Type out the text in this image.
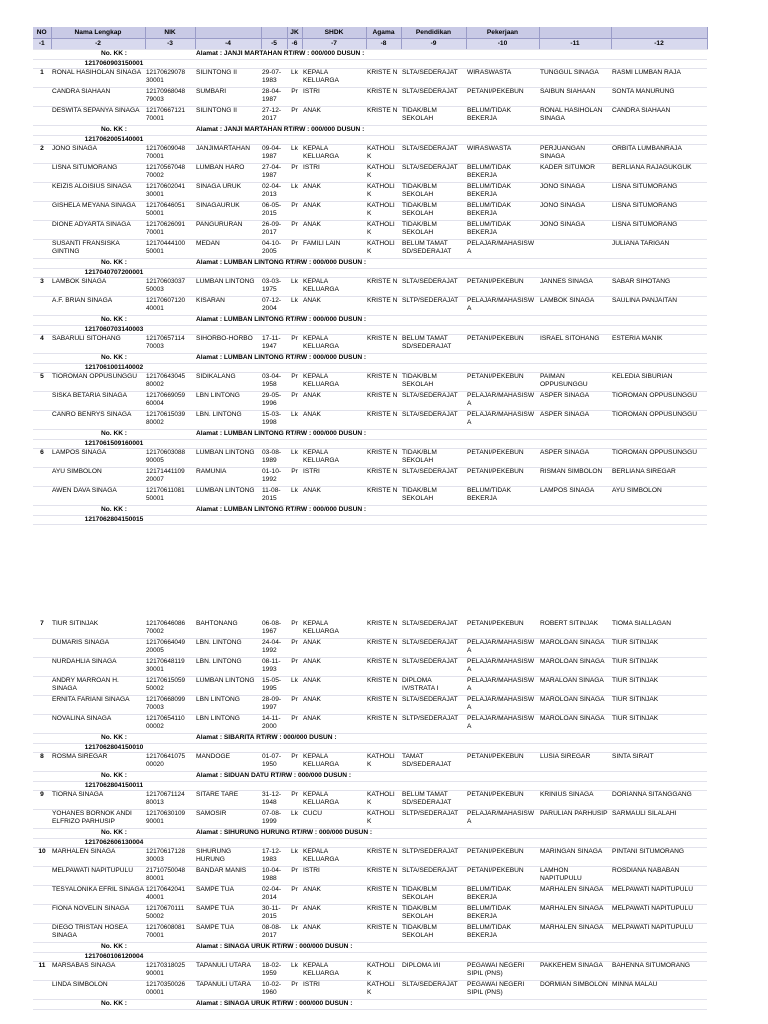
NO	Nama Lengkap	NIK			JK	SHDK	Agama	Pendidikan	Pekerjaan		
-1	-2	-3	-4	-5	-6	-7	-8	-9	-10	-11	-12
No. KK :			Alamat : JANJI MARTAHAN RT/RW : 000/000 DUSUN :								
1217060903150001											
1	RONAL HASIHOLAN SINAGA	12170629078 30001	SILINTONG II	29-07-1983	Lk	KEPALA KELUARGA	KRISTE N	SLTA/SEDERAJAT	WIRASWASTA	TUNGGUL SINAGA	RASMI LUMBAN RAJA
	CANDRA SIAHAAN	12170968048 79003	SUMBARI	28-04-1987	Pr	ISTRI	KRISTE N	SLTA/SEDERAJAT	PETANI/PEKEBUN	SAIBUN SIAHAAN	SONTA MANURUNG
	DESWITA SEPANYA SINAGA	12170667121 70001	SILINTONG II	27-12-2017	Pr	ANAK	KRISTE N	TIDAK/BLM SEKOLAH	BELUM/TIDAK BEKERJA	RONAL HASIHOLAN SINAGA	CANDRA SIAHAAN
No. KK :			Alamat : JANJI MARTAHAN RT/RW : 000/000 DUSUN :								
1217062005140001											
2	JONO SINAGA	12170609048 70001	JANJIMARTAHAN	09-04-1987	Lk	KEPALA KELUARGA	KATHOLI K	SLTA/SEDERAJAT	WIRASWASTA	PERJUANGAN SINAGA	ORBITA LUMBANRAJA
	LISNA SITUMORANG	12170567048 70002	LUMBAN HARO	27-04-1987	Pr	ISTRI	KATHOLI K	SLTA/SEDERAJAT	BELUM/TIDAK BEKERJA	KADER SITUMOR	BERLIANA RAJAGUKGUK
	KEIZIS ALOISIUS SINAGA	12170602041 30001	SINAGA URUK	02-04-2013	Lk	ANAK	KATHOLI K	TIDAK/BLM SEKOLAH	BELUM/TIDAK BEKERJA	JONO SINAGA	LISNA SITUMORANG
	GISHELA MEYANA SINAGA	12170646051 50001	SINAGAURUK	06-05-2015	Pr	ANAK	KATHOLI K	TIDAK/BLM SEKOLAH	BELUM/TIDAK BEKERJA	JONO SINAGA	LISNA SITUMORANG
	DIONE ADYARTA SINAGA	12170626091 70001	PANGURURAN	26-09-2017	Pr	ANAK	KATHOLI K	TIDAK/BLM SEKOLAH	BELUM/TIDAK BEKERJA	JONO SINAGA	LISNA SITUMORANG
	SUSANTI FRANSISKA GINTING	12170444100 50001	MEDAN	04-10-2005	Pr	FAMILI LAIN	KATHOLI K	BELUM TAMAT SD/SEDERAJAT	PELAJAR/MAHASISWA		JULIANA TARIGAN
No. KK :			Alamat : LUMBAN LINTONG RT/RW : 000/000 DUSUN :								
1217040707200001											
3	LAMBOK SINAGA	12170603037 50003	LUMBAN LINTONG	03-03-1975	Lk	KEPALA KELUARGA	KRISTE N	SLTA/SEDERAJAT	PETANI/PEKEBUN	JANNES SINAGA	SABAR SIHOTANG
	A.F. BRIAN SINAGA	12170607120 40001	KISARAN	07-12-2004	Lk	ANAK	KRISTE N	SLTP/SEDERAJAT	PELAJAR/MAHASISWA	LAMBOK SINAGA	SAULINA PANJAITAN
No. KK :			Alamat : LUMBAN LINTONG RT/RW : 000/000 DUSUN :								
1217060703140003											
4	SABARULI SITOHANG	12170657114 70003	SIHORBO-HORBO	17-11-1947	Pr	KEPALA KELUARGA	KRISTE N	BELUM TAMAT SD/SEDERAJAT	PETANI/PEKEBUN	ISRAEL SITOHANG	ESTERIA MANIK
No. KK :			Alamat : LUMBAN LINTONG RT/RW : 000/000 DUSUN :								
1217061001140002											
5	TIOROMAN OPPUSUNGGU	12170643045 80002	SIDIKALANG	03-04-1958	Pr	KEPALA KELUARGA	KRISTE N	TIDAK/BLM SEKOLAH	PETANI/PEKEBUN	PAIMAN OPPUSUNGGU	KELEDIA SIBURIAN
	SISKA BETARIA SINAGA	12170669059 60004	LBN LINTONG	29-05-1996	Pr	ANAK	KRISTE N	SLTA/SEDERAJAT	PELAJAR/MAHASISWA	ASPER SINAGA	TIOROMAN OPPUSUNGGU
	CANRO BENRYS SINAGA	12170615039 80002	LBN. LINTONG	15-03-1998	Lk	ANAK	KRISTE N	SLTA/SEDERAJAT	PELAJAR/MAHASISWA	ASPER SINAGA	TIOROMAN OPPUSUNGGU
No. KK :			Alamat : LUMBAN LINTONG RT/RW : 000/000 DUSUN :								
1217061509160001											
6	LAMPOS SINAGA	12170603088 90005	LUMBAN LINTONG	03-08-1989	Lk	KEPALA KELUARGA	KRISTE N	TIDAK/BLM SEKOLAH	PETANI/PEKEBUN	ASPER SINAGA	TIOROMAN OPPUSUNGGU
	AYU SIMBOLON	12171441109 20007	RAMUNIA	01-10-1992	Pr	ISTRI	KRISTE N	SLTA/SEDERAJAT	PETANI/PEKEBUN	RISMAN SIMBOLON	BERLIANA SIREGAR
	AWEN DAVA SINAGA	12170611081 50001	LUMBAN LINTONG	11-08-2015	Lk	ANAK	KRISTE N	TIDAK/BLM SEKOLAH	BELUM/TIDAK BEKERJA	LAMPOS SINAGA	AYU SIMBOLON
No. KK :			Alamat : LUMBAN LINTONG RT/RW : 000/000 DUSUN :								
1217062804150015											
7	TIUR SITINJAK	12170646086 70002	BAHTONANG	06-08-1967	Pr	KEPALA KELUARGA	KRISTE N	SLTA/SEDERAJAT	PETANI/PEKEBUN	ROBERT SITINJAK	TIOMA SIALLAGAN
	DUMARIS SINAGA	12170664049 20005	LBN. LINTONG	24-04-1992	Pr	ANAK	KRISTE N	SLTA/SEDERAJAT	PELAJAR/MAHASISWA	MAROLOAN SINAGA	TIUR SITINJAK
	NURDAHLIA SINAGA	12170648119 30001	LBN. LINTONG	08-11-1993	Pr	ANAK	KRISTE N	SLTA/SEDERAJAT	PELAJAR/MAHASISWA	MAROLOAN SINAGA	TIUR SITINJAK
	ANDRY MARROAN H. SINAGA	12170615059 50002	LUMBAN LINTONG	15-05-1995	Lk	ANAK	KRISTE N	DIPLOMA IV/STRATA I	PELAJAR/MAHASISWA	MARALOAN SINAGA	TIUR SITINJAK
	ERNITA FARIANI SINAGA	12170668099 70003	LBN LINTONG	28-09-1997	Pr	ANAK	KRISTE N	SLTA/SEDERAJAT	PELAJAR/MAHASISWA	MAROLOAN SINAGA	TIUR SITINJAK
	NOVALINA SINAGA	12170654110 00002	LBN LINTONG	14-11-2000	Pr	ANAK	KRISTE N	SLTP/SEDERAJAT	PELAJAR/MAHASISWA	MAROLOAN SINAGA	TIUR SITINJAK
No. KK :			Alamat : SIBARITA RT/RW : 000/000 DUSUN :								
1217062804150010											
8	ROSMA SIREGAR	12170641075 00020	MANDOGE	01-07-1950	Pr	KEPALA KELUARGA	KATHOLI K	TAMAT SD/SEDERAJAT	PETANI/PEKEBUN	LUSIA SIREGAR	SINTA SIRAIT
No. KK :			Alamat : SIDUAN DATU RT/RW : 000/000 DUSUN :								
1217062804150011											
9	TIORNA SINAGA	12170671124 80013	SITARE TARE	31-12-1948	Pr	KEPALA KELUARGA	KATHOLI K	BELUM TAMAT SD/SEDERAJAT	PETANI/PEKEBUN	KRINIUS SINAGA	DORIANNA SITANGGANG
	YOHANES BORNOK ANDI ELFRIZO PARHUSIP	12170630109 90001	SAMOSIR	07-08-1999	Lk	CUCU	KATHOLI K	SLTP/SEDERAJAT	PELAJAR/MAHASISWA	PARULIAN PARHUSIP	SARMAULI SILALAHI
No. KK :			Alamat : SIHURUNG HURUNG RT/RW : 000/000 DUSUN :								
1217062606130004											
10	MARHALEN SINAGA	12170617128 30003	SIHURUNG HURUNG	17-12-1983	Lk	KEPALA KELUARGA	KRISTE N	SLTP/SEDERAJAT	PETANI/PEKEBUN	MARINGAN SINAGA	PINTANI SITUMORANG
	MELPAWATI NAPITUPULU	21710750048 80001	BANDAR MANIS	10-04-1988	Pr	ISTRI	KRISTE N	SLTA/SEDERAJAT	PETANI/PEKEBUN	LAMHON NAPITUPULU	ROSDIANA NABABAN
	TESYALONIKA EFRIL SINAGA	12170642041 40001	SAMPE TUA	02-04-2014	Pr	ANAK	KRISTE N	TIDAK/BLM SEKOLAH	BELUM/TIDAK BEKERJA	MARHALEN SINAGA	MELPAWATI NAPITUPULU
	FIONA NOVELIN SINAGA	12170670111 50002	SAMPE TUA	30-11-2015	Pr	ANAK	KRISTE N	TIDAK/BLM SEKOLAH	BELUM/TIDAK BEKERJA	MARHALEN SINAGA	MELPAWATI NAPITUPULU
	DIEGO TRISTAN HOSEA SINAGA	12170608081 70001	SAMPE TUA	08-08-2017	Lk	ANAK	KRISTE N	TIDAK/BLM SEKOLAH	BELUM/TIDAK BEKERJA	MARHALEN SINAGA	MELPAWATI NAPITUPULU
No. KK :			Alamat : SINAGA URUK RT/RW : 000/000 DUSUN :								
1217060106120004											
11	MARSABAS SINAGA	12170318025 90001	TAPANULI UTARA	18-02-1959	Lk	KEPALA KELUARGA	KATHOLI K	DIPLOMA I/II	PEGAWAI NEGERI SIPIL (PNS)	PAKKEHEM SINAGA	BAHENNA SITUMORANG
	LINDA SIMBOLON	12170350026 00001	TAPANULI UTARA	10-02-1960	Pr	ISTRI	KATHOLI K	SLTA/SEDERAJAT	PEGAWAI NEGERI SIPIL (PNS)	DORMIAN SIMBOLON	MINNA MALAU
No. KK :			Alamat : SINAGA URUK RT/RW : 000/000 DUSUN :								
